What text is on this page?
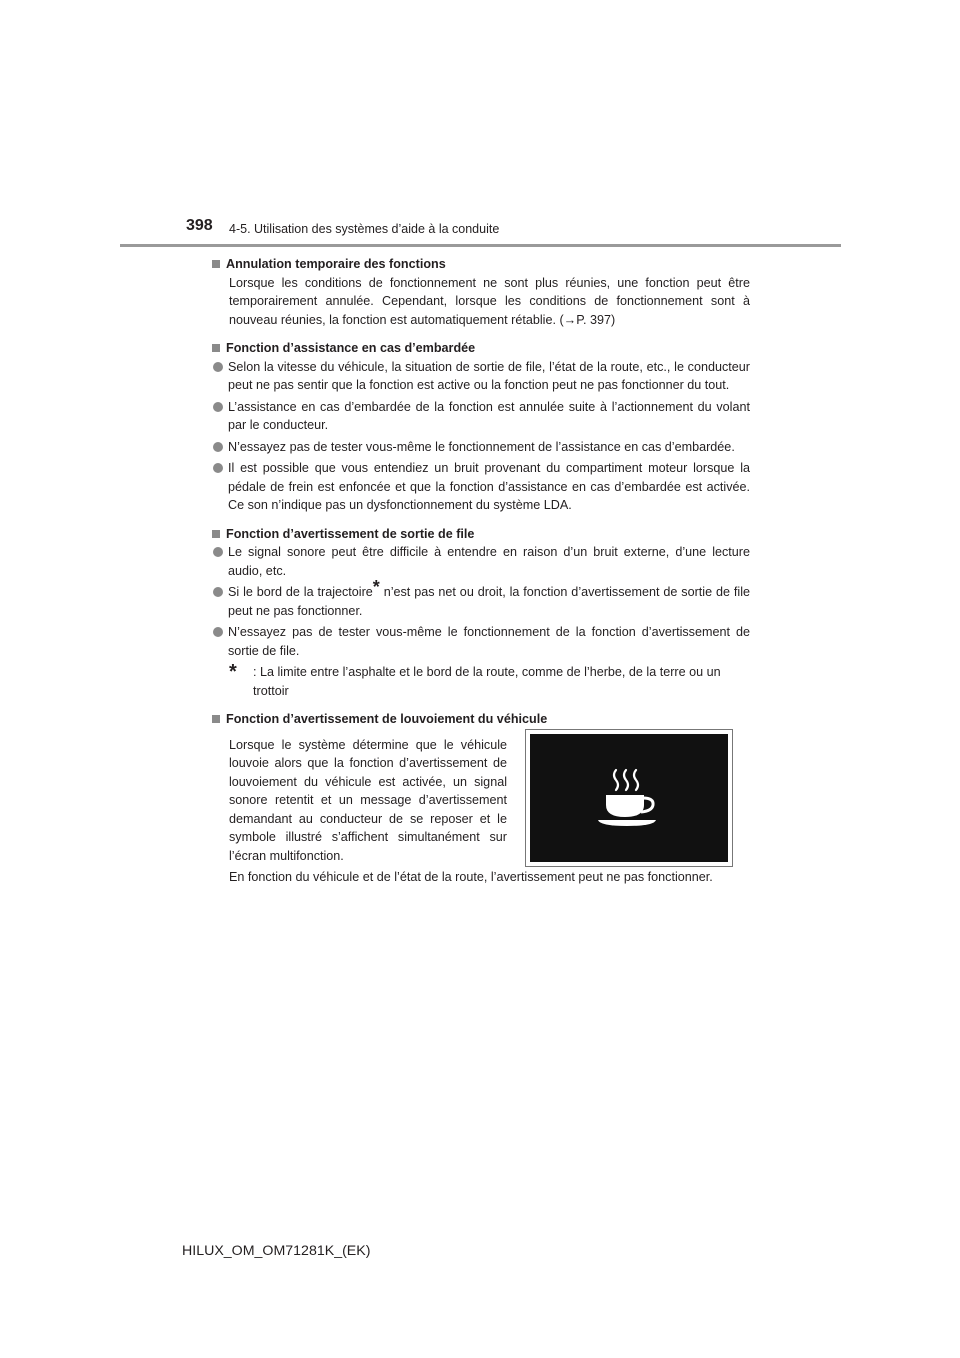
398 4-5. Utilisation des systèmes d’aide à la conduite
Annulation temporaire des fonctions
Lorsque les conditions de fonctionnement ne sont plus réunies, une fonction peut être temporairement annulée. Cependant, lorsque les conditions de fonctionnement sont à nouveau réunies, la fonction est automatiquement rétablie. (→P. 397)
Fonction d’assistance en cas d’embardée
Selon la vitesse du véhicule, la situation de sortie de file, l’état de la route, etc., le conducteur peut ne pas sentir que la fonction est active ou la fonction peut ne pas fonctionner du tout.
L’assistance en cas d’embardée de la fonction est annulée suite à l’actionnement du volant par le conducteur.
N’essayez pas de tester vous-même le fonctionnement de l’assistance en cas d’embardée.
Il est possible que vous entendiez un bruit provenant du compartiment moteur lorsque la pédale de frein est enfoncée et que la fonction d’assistance en cas d’embardée est activée. Ce son n’indique pas un dysfonctionnement du système LDA.
Fonction d’avertissement de sortie de file
Le signal sonore peut être difficile à entendre en raison d’un bruit externe, d’une lecture audio, etc.
Si le bord de la trajectoire* n’est pas net ou droit, la fonction d’avertissement de sortie de file peut ne pas fonctionner.
N’essayez pas de tester vous-même le fonctionnement de la fonction d’avertissement de sortie de file.
*	: La limite entre l’asphalte et le bord de la route, comme de l’herbe, de la terre ou un trottoir
Fonction d’avertissement de louvoiement du véhicule
Lorsque le système détermine que le véhicule louvoie alors que la fonction d’avertissement de louvoiement du véhicule est activée, un signal sonore retentit et un message d’avertissement demandant au conducteur de se reposer et le symbole illustré s’affichent simultanément sur l’écran multifonction.
En fonction du véhicule et de l’état de la route, l’avertissement peut ne pas fonctionner.
HILUX_OM_OM71281K_(EK)
